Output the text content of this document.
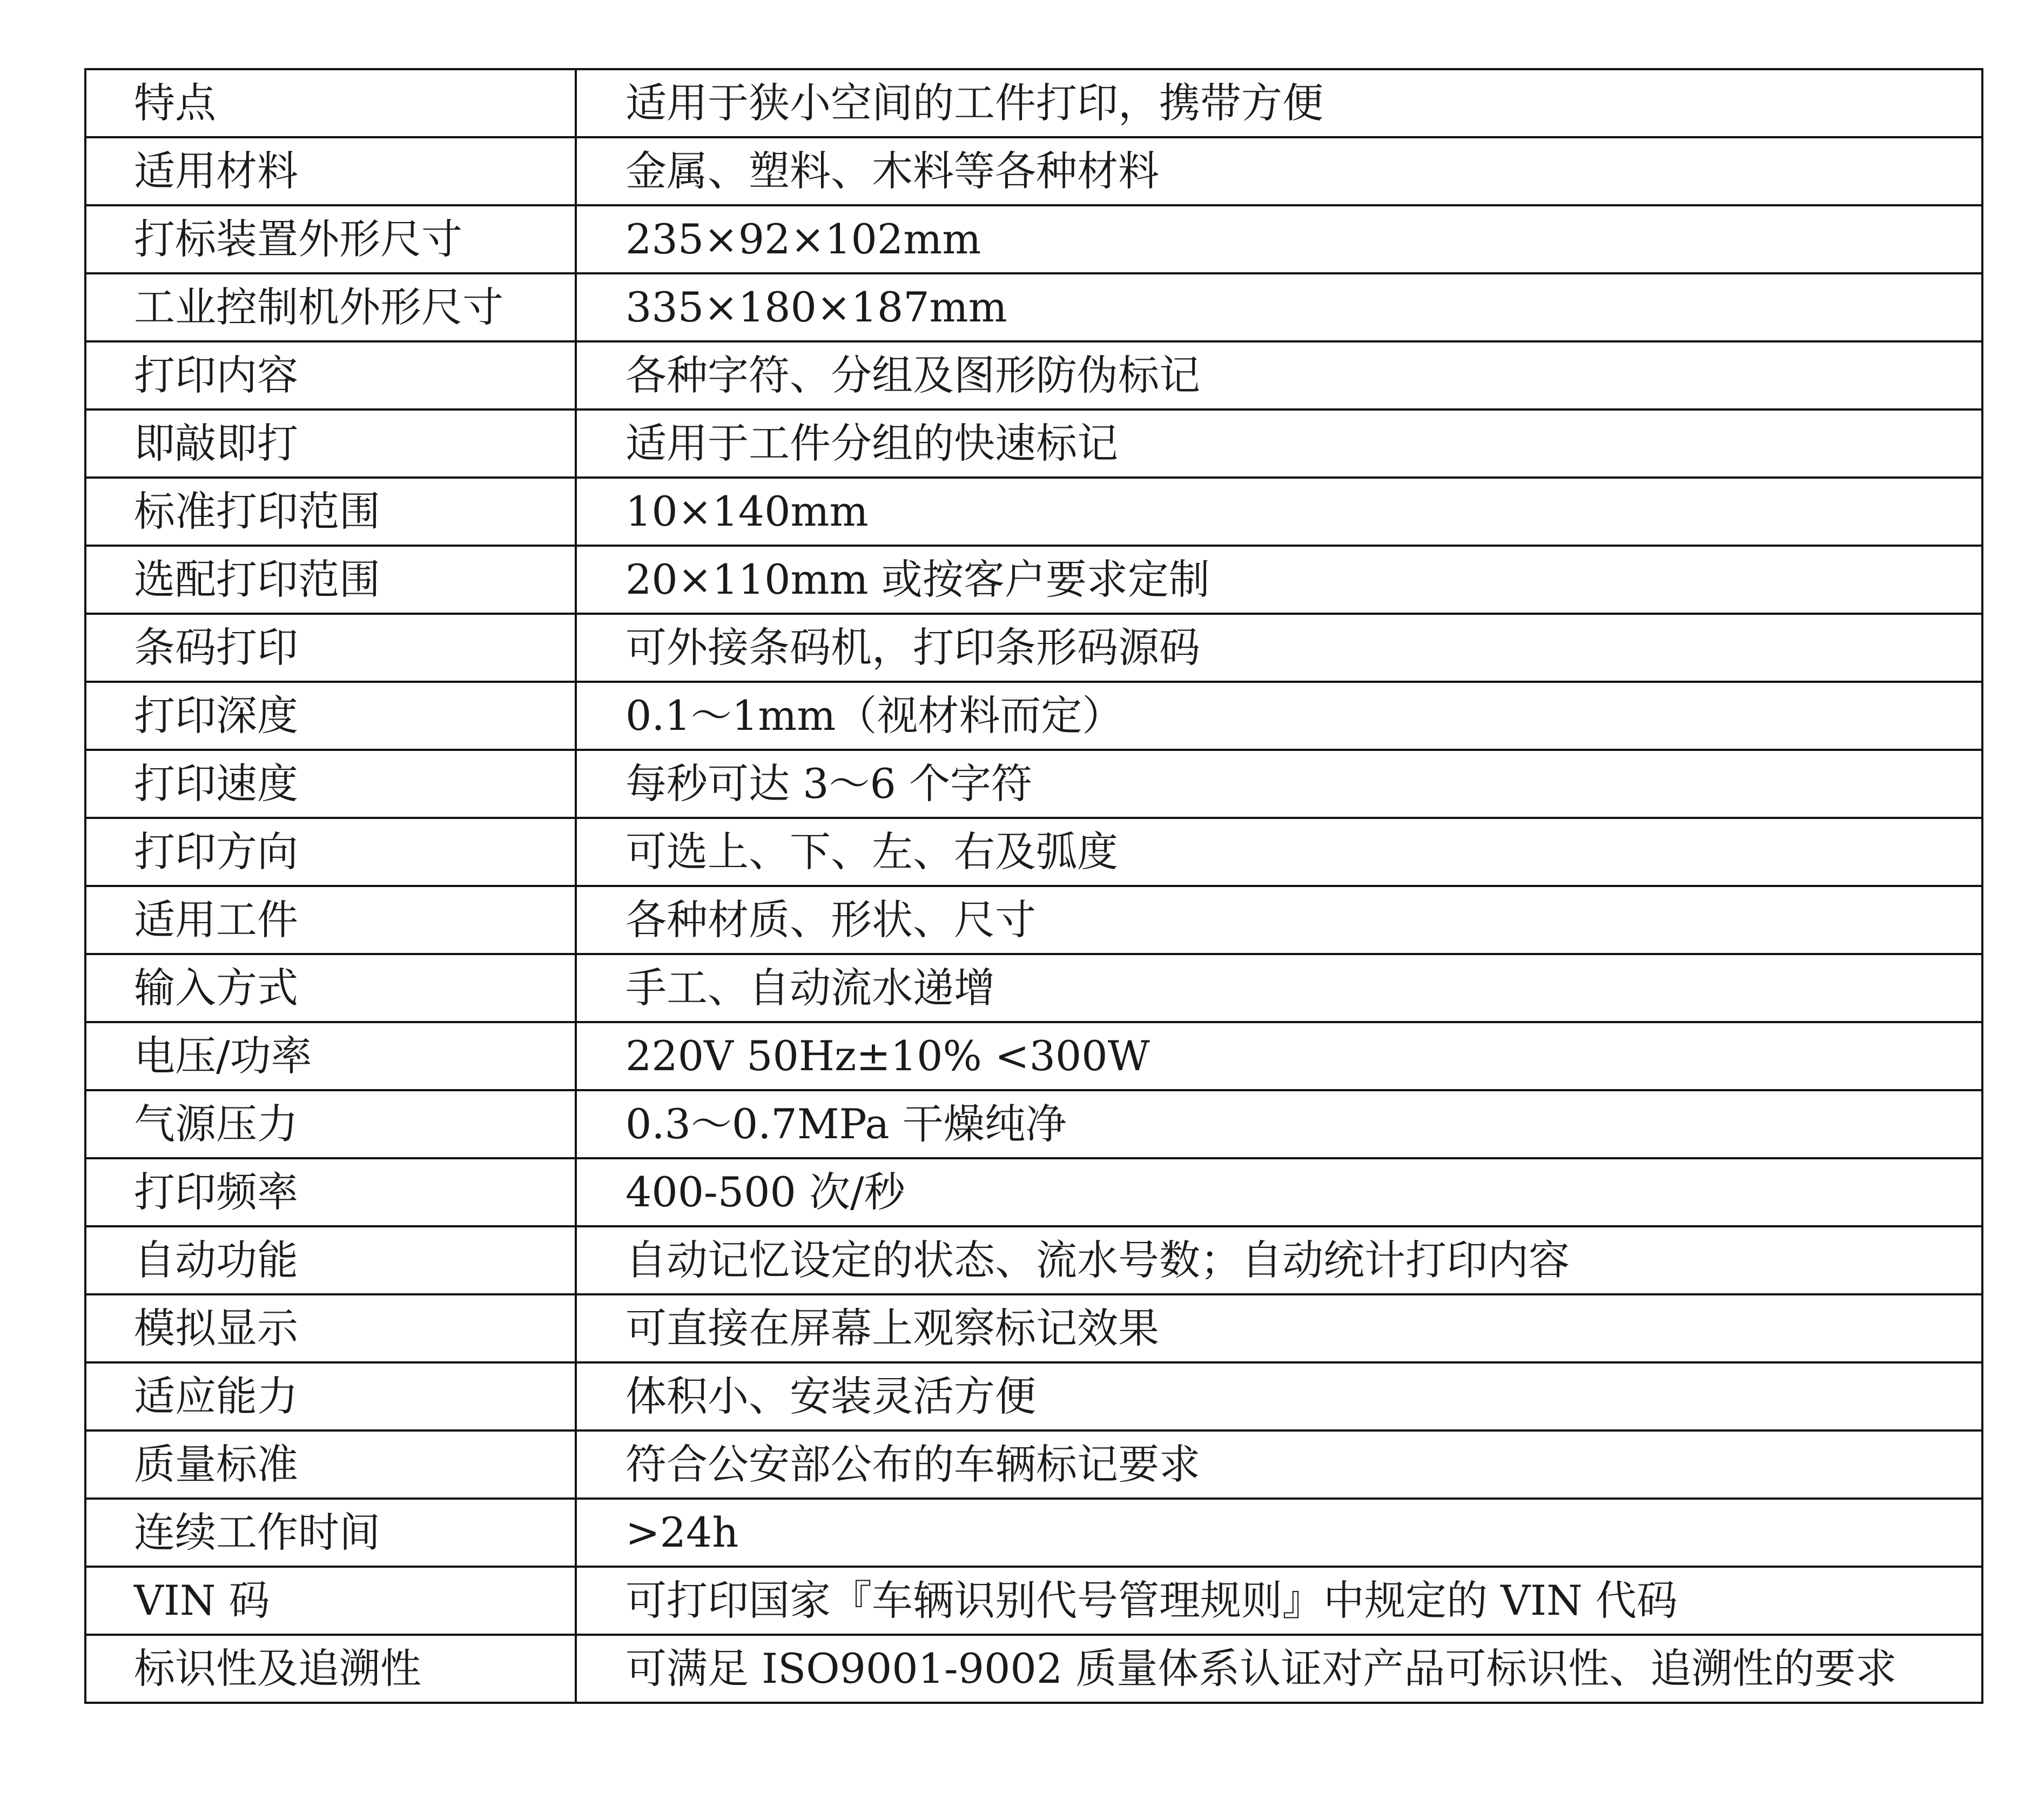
特点	适用于狭小空间的工件打印，携带方便
适用材料	金属、塑料、木料等各种材料
打标装置外形尺寸	235×92×102mm
工业控制机外形尺寸	335×180×187mm
打印内容	各种字符、分组及图形防伪标记
即敲即打	适用于工件分组的快速标记
标准打印范围	10×140mm
选配打印范围	20×110mm 或按客户要求定制
条码打印	可外接条码机，打印条形码源码
打印深度	0.1～1mm（视材料而定）
打印速度	每秒可达 3～6 个字符
打印方向	可选上、下、左、右及弧度
适用工件	各种材质、形状、尺寸
输入方式	手工、自动流水递增
电压/功率	220V 50Hz±10% <300W
气源压力	0.3～0.7MPa 干燥纯净
打印频率	400-500 次/秒
自动功能	自动记忆设定的状态、流水号数；自动统计打印内容
模拟显示	可直接在屏幕上观察标记效果
适应能力	体积小、安装灵活方便
质量标准	符合公安部公布的车辆标记要求
连续工作时间	>24h
VIN 码	可打印国家『车辆识别代号管理规则』中规定的 VIN 代码
标识性及追溯性	可满足 ISO9001-9002 质量体系认证对产品可标识性、追溯性的要求
